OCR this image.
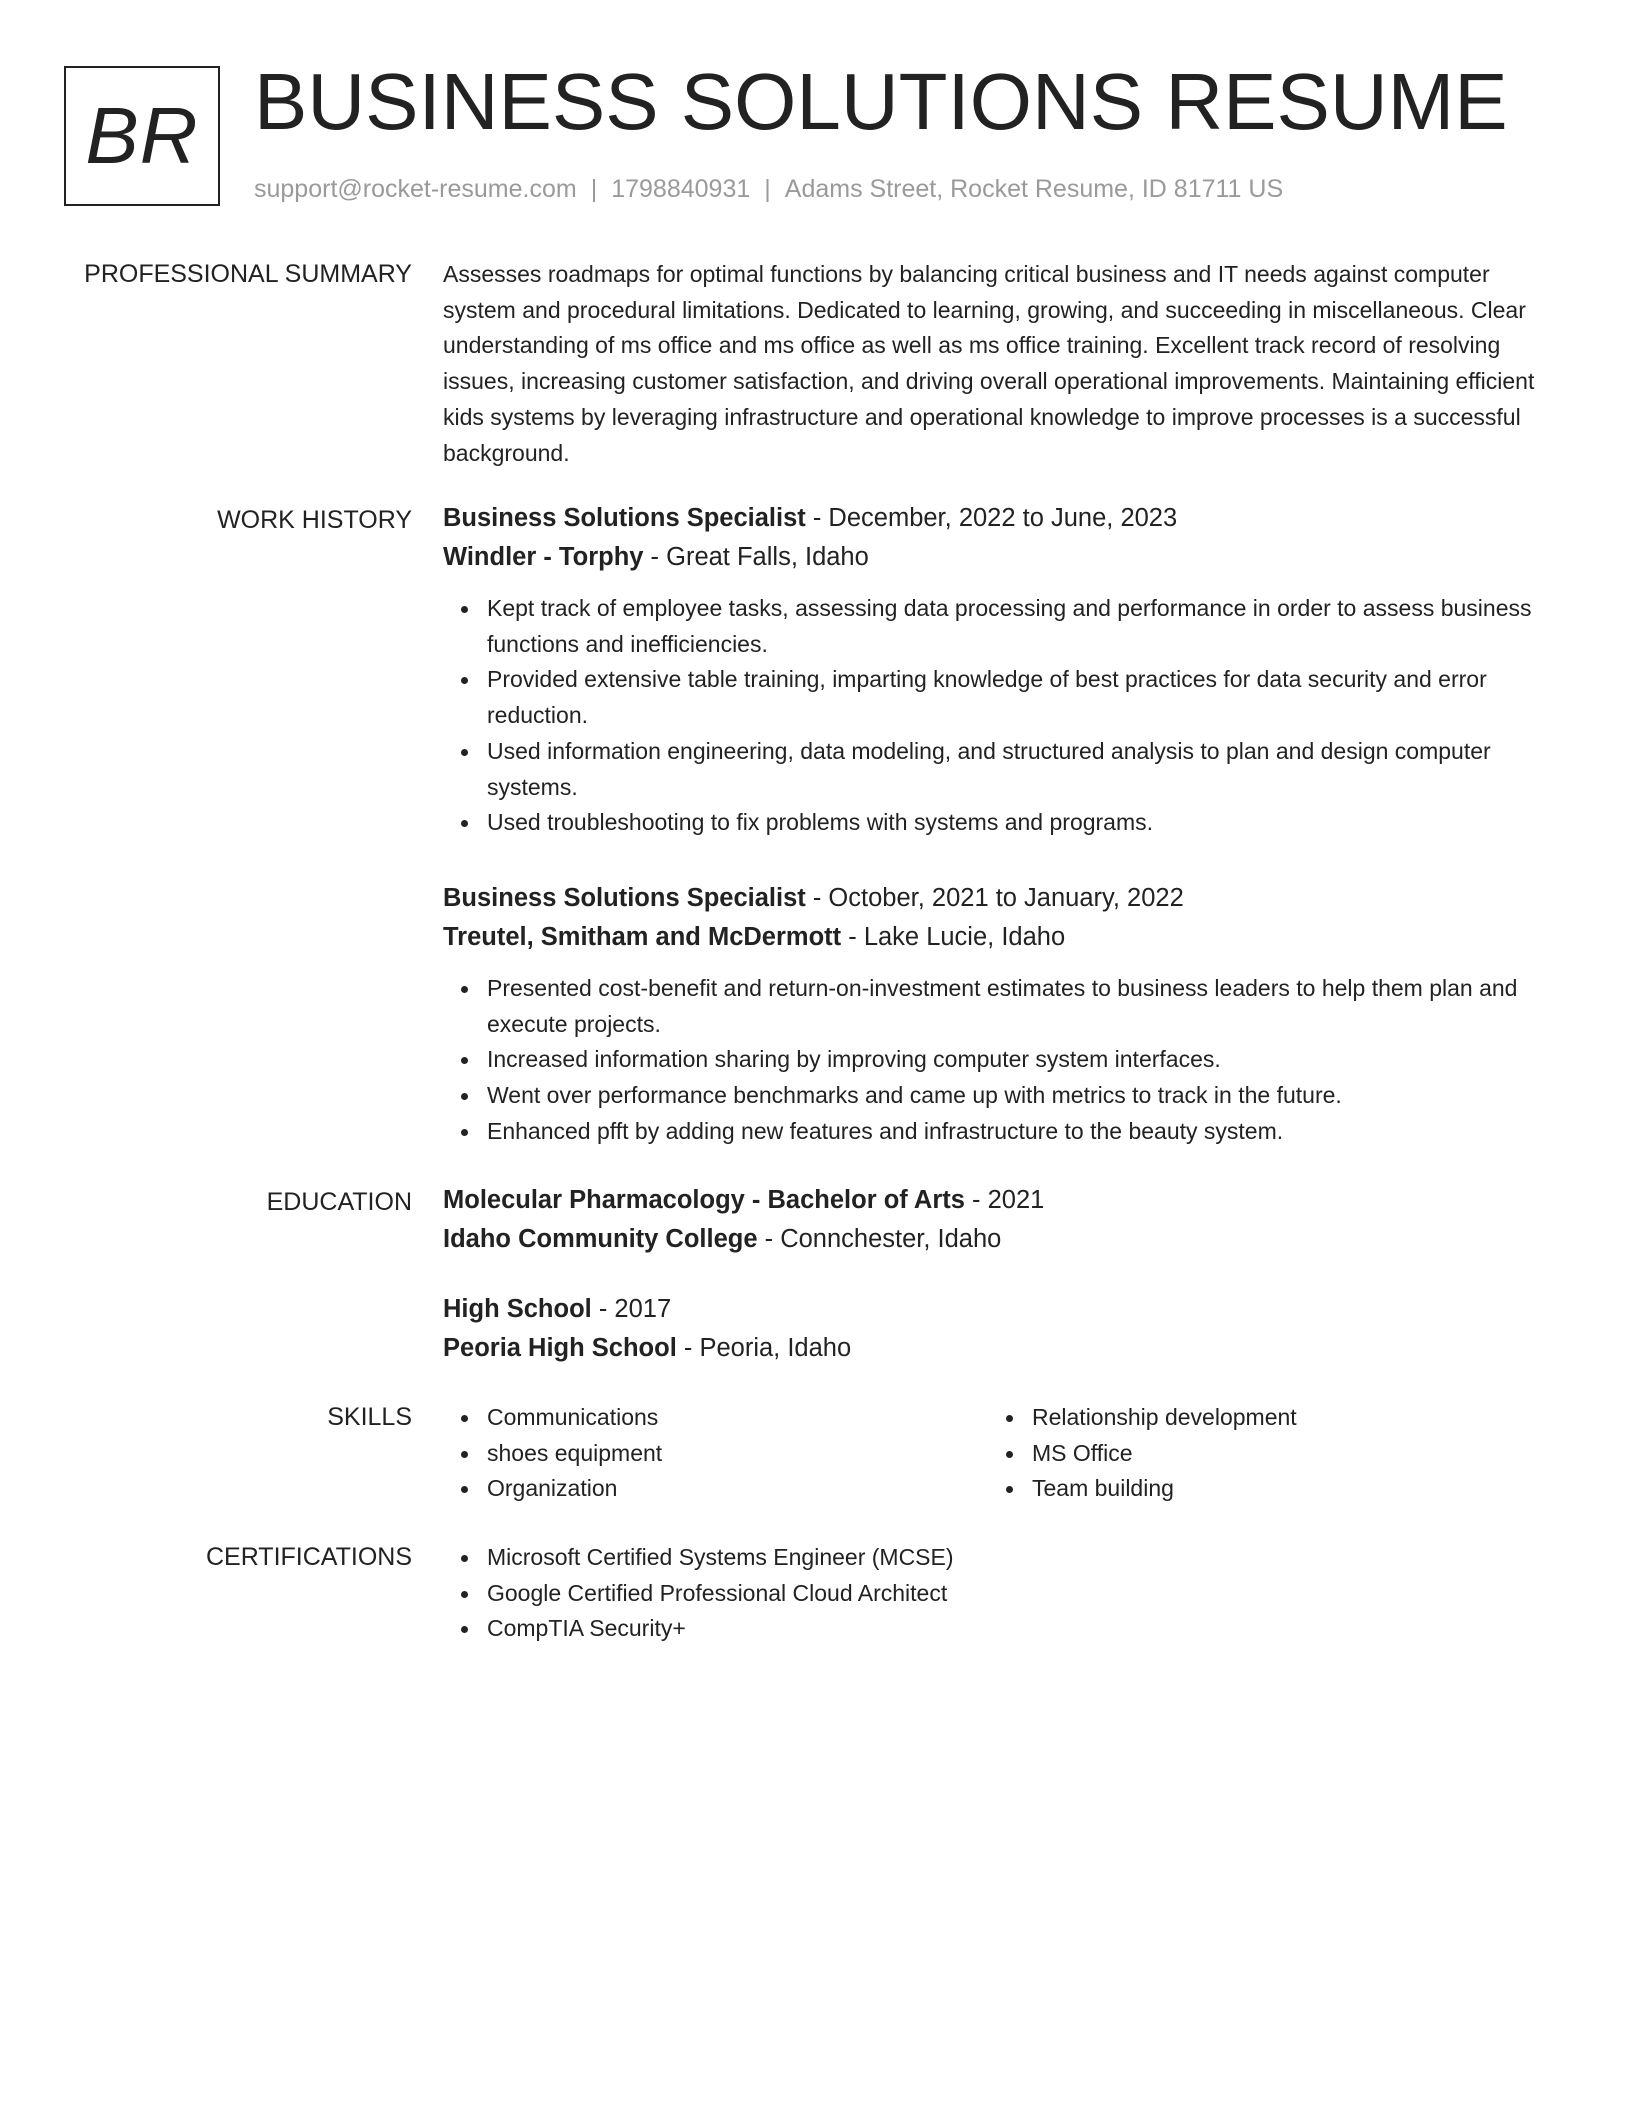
BR BUSINESS SOLUTIONS RESUME
support@rocket-resume.com | 1798840931 | Adams Street, Rocket Resume, ID 81711 US
PROFESSIONAL SUMMARY Assesses roadmaps for optimal functions by balancing critical business and IT needs against computer system and procedural limitations. Dedicated to learning, growing, and succeeding in miscellaneous. Clear understanding of ms office and ms office as well as ms office training. Excellent track record of resolving issues, increasing customer satisfaction, and driving overall operational improvements. Maintaining efficient kids systems by leveraging infrastructure and operational knowledge to improve processes is a successful background.

WORK HISTORY Business Solutions Specialist - December, 2022 to June, 2023
Windler - Torphy - Great Falls, Idaho
Kept track of employee tasks, assessing data processing and performance in order to assess business functions and inefficiencies.
Provided extensive table training, imparting knowledge of best practices for data security and error reduction.
Used information engineering, data modeling, and structured analysis to plan and design computer systems.
Used troubleshooting to fix problems with systems and programs.
Business Solutions Specialist - October, 2021 to January, 2022
Treutel, Smitham and McDermott - Lake Lucie, Idaho
Presented cost-benefit and return-on-investment estimates to business leaders to help them plan and execute projects.
Increased information sharing by improving computer system interfaces.
Went over performance benchmarks and came up with metrics to track in the future.
Enhanced pfft by adding new features and infrastructure to the beauty system.
EDUCATION Molecular Pharmacology - Bachelor of Arts - 2021
Idaho Community College - Connchester, Idaho
High School - 2017
Peoria High School - Peoria, Idaho
SKILLS	Communications
shoes equipment
Organization
Relationship development
MS Office
Team building
CERTIFICATIONS	Microsoft Certified Systems Engineer (MCSE)
Google Certified Professional Cloud Architect
CompTIA Security+
